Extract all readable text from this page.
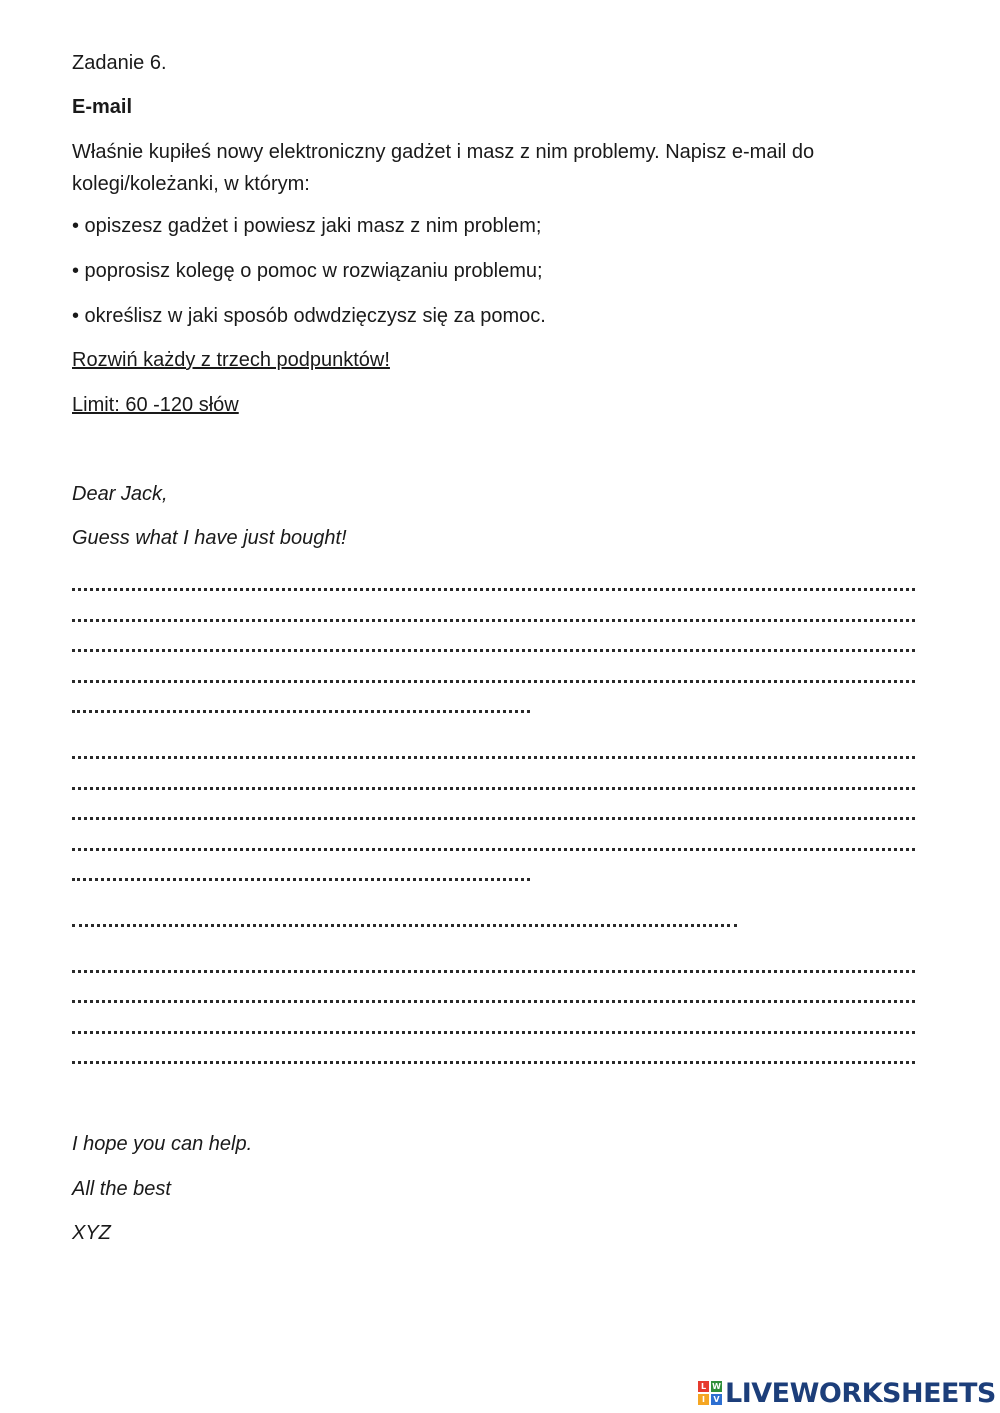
Zadanie 6.
E-mail
Właśnie kupiłeś nowy elektroniczny gadżet i masz z nim problemy. Napisz e-mail do
kolegi/koleżanki, w którym:
• opiszesz gadżet i powiesz jaki masz z nim problem;
• poprosisz kolegę o pomoc w rozwiązaniu problemu;
• określisz w jaki sposób odwdzięczysz się za pomoc.
Rozwiń każdy z trzech podpunktów!
Limit: 60 -120 słów
Dear Jack,
Guess what I have just bought!
I hope you can help.
All the best
XYZ
L W
I	V LIVEWORKSHEETS
